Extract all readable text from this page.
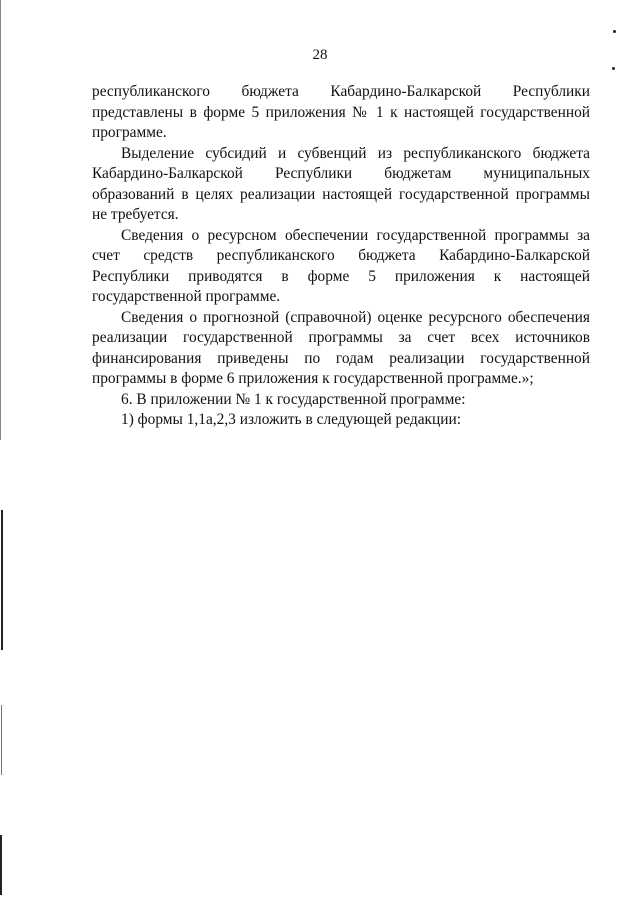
28
республиканского бюджета Кабардино-Балкарской Республики
представлены в форме 5 приложения № 1 к настоящей государственной программе.

Выделение субсидий и субвенций из республиканского бюджета Кабардино-Балкарской Республики бюджетам муниципальных образований в целях реализации настоящей государственной программы не требуется.

Сведения о ресурсном обеспечении государственной программы за счет средств республиканского бюджета Кабардино-Балкарской Республики приводятся в форме 5 приложения к настоящей государственной программе.

Сведения о прогнозной (справочной) оценке ресурсного обеспечения реализации государственной программы за счет всех источников финансирования приведены по годам реализации государственной программы в форме 6 приложения к государственной программе.»;

6. В приложении № 1 к государственной программе:

1) формы 1,1а,2,3 изложить в следующей редакции:
